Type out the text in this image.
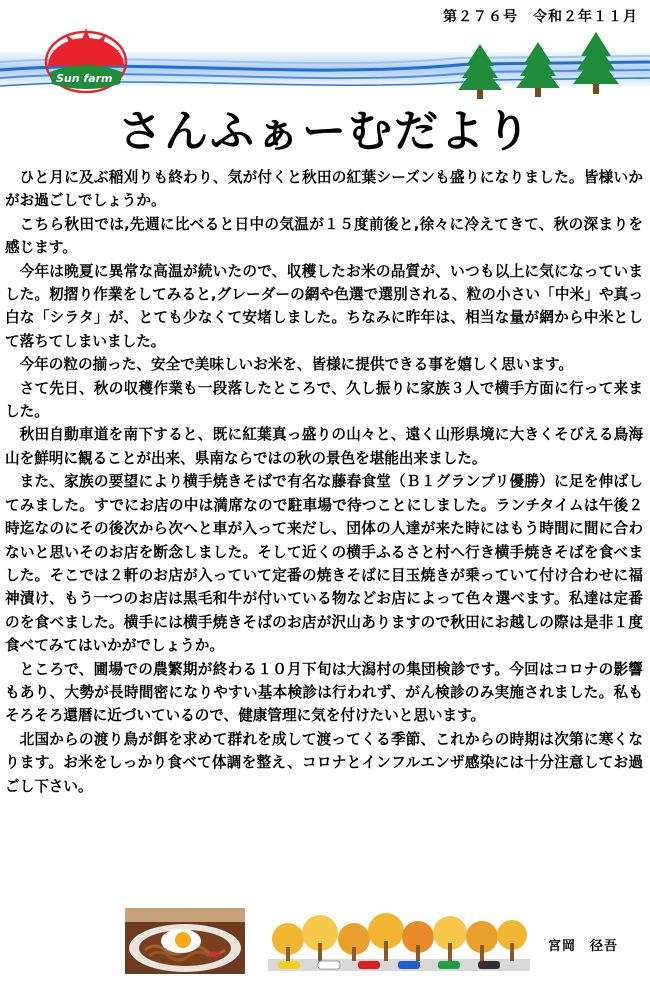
第２７６号　令和２年１１月
Sun farm
さんふぁーむだより

ひと月に及ぶ稲刈りも終わり、気が付くと秋田の紅葉シーズンも盛りになりました。皆様いかがお過ごしでしょうか。

こちら秋田では,先週に比べると日中の気温が１５度前後と,徐々に冷えてきて、秋の深まりを感じます。

今年は晩夏に異常な高温が続いたので、収穫したお米の品質が、いつも以上に気になっていました。籾摺り作業をしてみると,グレーダーの網や色選で選別される、粒の小さい「中米」や真っ白な「シラタ」が、とても少なくて安堵しました。ちなみに昨年は、相当な量が網から中米として落ちてしまいました。

今年の粒の揃った、安全で美味しいお米を、皆様に提供できる事を嬉しく思います。

さて先日、秋の収穫作業も一段落したところで、久し振りに家族３人で横手方面に行って来ました。

秋田自動車道を南下すると、既に紅葉真っ盛りの山々と、遠く山形県境に大きくそびえる鳥海山を鮮明に観ることが出来、県南ならではの秋の景色を堪能出来ました。

また、家族の要望により横手焼きそばで有名な藤春食堂（Ｂ１グランプリ優勝）に足を伸ばしてみました。すでにお店の中は満席なので駐車場で待つことにしました。ランチタイムは午後２時迄なのにその後次から次へと車が入って来だし、団体の人達が来た時にはもう時間に間に合わないと思いそのお店を断念しました。そして近くの横手ふるさと村へ行き横手焼きそばを食べました。そこでは２軒のお店が入っていて定番の焼きそばに目玉焼きが乗っていて付け合わせに福神漬け、もう一つのお店は黒毛和牛が付いている物などお店によって色々選べます。私達は定番のを食べました。横手には横手焼きそばのお店が沢山ありますので秋田にお越しの際は是非１度食べてみてはいかがでしょうか。

ところで、圃場での農繁期が終わる１０月下旬は大潟村の集団検診です。今回はコロナの影響もあり、大勢が長時間密になりやすい基本検診は行われず、がん検診のみ実施されました。私もそろそろ還暦に近づいているので、健康管理に気を付けたいと思います。

北国からの渡り鳥が餌を求めて群れを成して渡ってくる季節、これからの時期は次第に寒くなります。お米をしっかり食べて体調を整え、コロナとインフルエンザ感染には十分注意してお過ごし下さい。

宮岡　径吾
